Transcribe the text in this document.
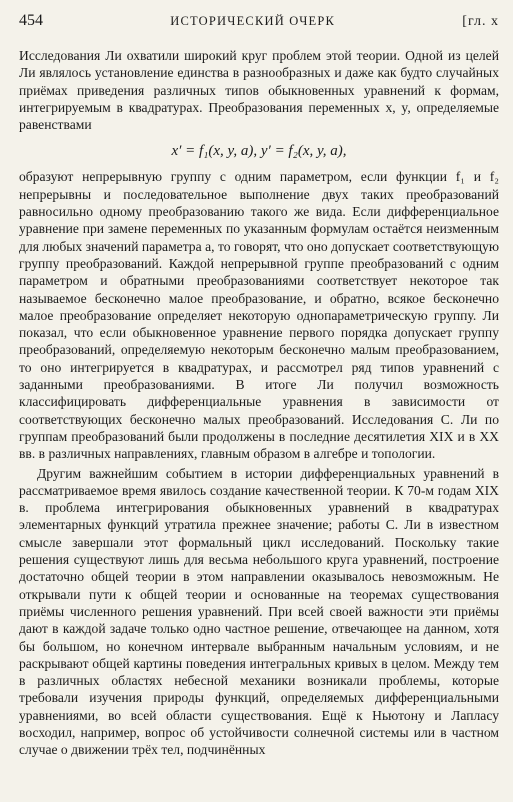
454	ИСТОРИЧЕСКИЙ ОЧЕРК	[гл. х

Исследования Ли охватили широкий круг проблем этой теории. Одной из целей Ли являлось установление единства в разнообразных и даже как будто случайных приёмах приведения различных типов обыкновенных уравнений к формам, интегрируемым в квадратурах. Преобразования переменных x, y, определяемые равенствами

x′ = f₁(x, y, a), y′ = f₂(x, y, a),

образуют непрерывную группу с одним параметром, если функции f₁ и f₂ непрерывны и последовательное выполнение двух таких преобразований равносильно одному преобразованию такого же вида. Если дифференциальное уравнение при замене переменных по указанным формулам остаётся неизменным для любых значений параметра a, то говорят, что оно допускает соответствующую группу преобразований. Каждой непрерывной группе преобразований с одним параметром и обратными преобразованиями соответствует некоторое так называемое бесконечно малое преобразование, и обратно, всякое бесконечно малое преобразование определяет некоторую однопараметрическую группу. Ли показал, что если обыкновенное уравнение первого порядка допускает группу преобразований, определяемую некоторым бесконечно малым преобразованием, то оно интегрируется в квадратурах, и рассмотрел ряд типов уравнений с заданными преобразованиями. В итоге Ли получил возможность классифицировать дифференциальные уравнения в зависимости от соответствующих бесконечно малых преобразований. Исследования С. Ли по группам преобразований были продолжены в последние десятилетия XIX и в XX вв. в различных направлениях, главным образом в алгебре и топологии.

Другим важнейшим событием в истории дифференциальных уравнений в рассматриваемое время явилось создание качественной теории. К 70-м годам XIX в. проблема интегрирования обыкновенных уравнений в квадратурах элементарных функций утратила прежнее значение; работы С. Ли в известном смысле завершали этот формальный цикл исследований. Поскольку такие решения существуют лишь для весьма небольшого круга уравнений, построение достаточно общей теории в этом направлении оказывалось невозможным. Не открывали пути к общей теории и основанные на теоремах существования приёмы численного решения уравнений. При всей своей важности эти приёмы дают в каждой задаче только одно частное решение, отвечающее на данном, хотя бы большом, но конечном интервале выбранным начальным условиям, и не раскрывают общей картины поведения интегральных кривых в целом. Между тем в различных областях небесной механики возникали проблемы, которые требовали изучения природы функций, определяемых дифференциальными уравнениями, во всей области существования. Ещё к Ньютону и Лапласу восходил, например, вопрос об устойчивости солнечной системы или в частном случае о движении трёх тел, подчинённых
